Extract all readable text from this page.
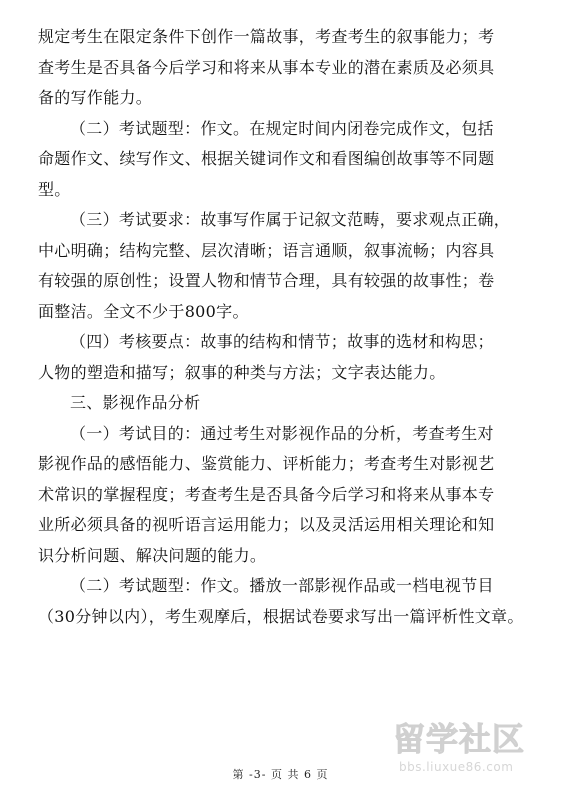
规定考生在限定条件下创作一篇故事，考查考生的叙事能力；考
查考生是否具备今后学习和将来从事本专业的潜在素质及必须具
备的写作能力。
（二）考试题型：作文。在规定时间内闭卷完成作文，包括
命题作文、续写作文、根据关键词作文和看图编创故事等不同题
型。
（三）考试要求：故事写作属于记叙文范畴，要求观点正确，
中心明确；结构完整、层次清晰；语言通顺，叙事流畅；内容具
有较强的原创性；设置人物和情节合理，具有较强的故事性；卷
面整洁。全文不少于800字。
（四）考核要点：故事的结构和情节；故事的选材和构思；
人物的塑造和描写；叙事的种类与方法；文字表达能力。
三、影视作品分析
（一）考试目的：通过考生对影视作品的分析，考查考生对
影视作品的感悟能力、鉴赏能力、评析能力；考查考生对影视艺
术常识的掌握程度；考查考生是否具备今后学习和将来从事本专
业所必须具备的视听语言运用能力；以及灵活运用相关理论和知
识分析问题、解决问题的能力。
（二）考试题型：作文。播放一部影视作品或一档电视节目
（30分钟以内），考生观摩后，根据试卷要求写出一篇评析性文章。
留学社区
bbs.liuxue86.com
第 -3- 页 共 6 页
